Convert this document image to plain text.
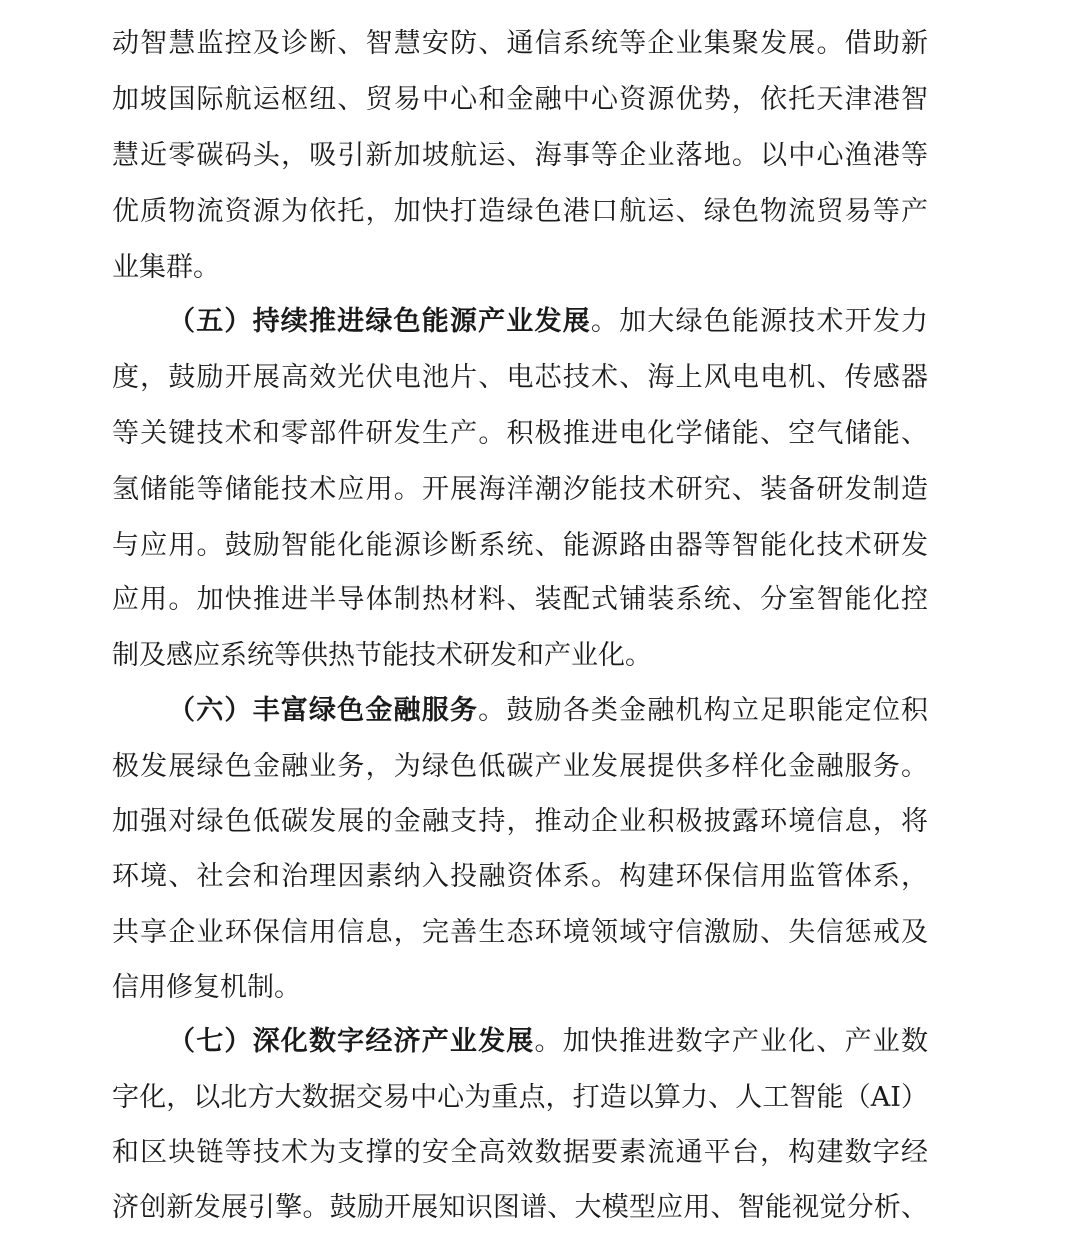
动智慧监控及诊断、智慧安防、通信系统等企业集聚发展。借助新
加坡国际航运枢纽、贸易中心和金融中心资源优势，依托天津港智
慧近零碳码头，吸引新加坡航运、海事等企业落地。以中心渔港等
优质物流资源为依托，加快打造绿色港口航运、绿色物流贸易等产
业集群。
（五）持续推进绿色能源产业发展。加大绿色能源技术开发力
度，鼓励开展高效光伏电池片、电芯技术、海上风电电机、传感器
等关键技术和零部件研发生产。积极推进电化学储能、空气储能、
氢储能等储能技术应用。开展海洋潮汐能技术研究、装备研发制造
与应用。鼓励智能化能源诊断系统、能源路由器等智能化技术研发
应用。加快推进半导体制热材料、装配式铺装系统、分室智能化控
制及感应系统等供热节能技术研发和产业化。
（六）丰富绿色金融服务。鼓励各类金融机构立足职能定位积
极发展绿色金融业务，为绿色低碳产业发展提供多样化金融服务。
加强对绿色低碳发展的金融支持，推动企业积极披露环境信息，将
环境、社会和治理因素纳入投融资体系。构建环保信用监管体系，
共享企业环保信用信息，完善生态环境领域守信激励、失信惩戒及
信用修复机制。
（七）深化数字经济产业发展。加快推进数字产业化、产业数
字化，以北方大数据交易中心为重点，打造以算力、人工智能（AI）
和区块链等技术为支撑的安全高效数据要素流通平台，构建数字经
济创新发展引擎。鼓励开展知识图谱、大模型应用、智能视觉分析、
